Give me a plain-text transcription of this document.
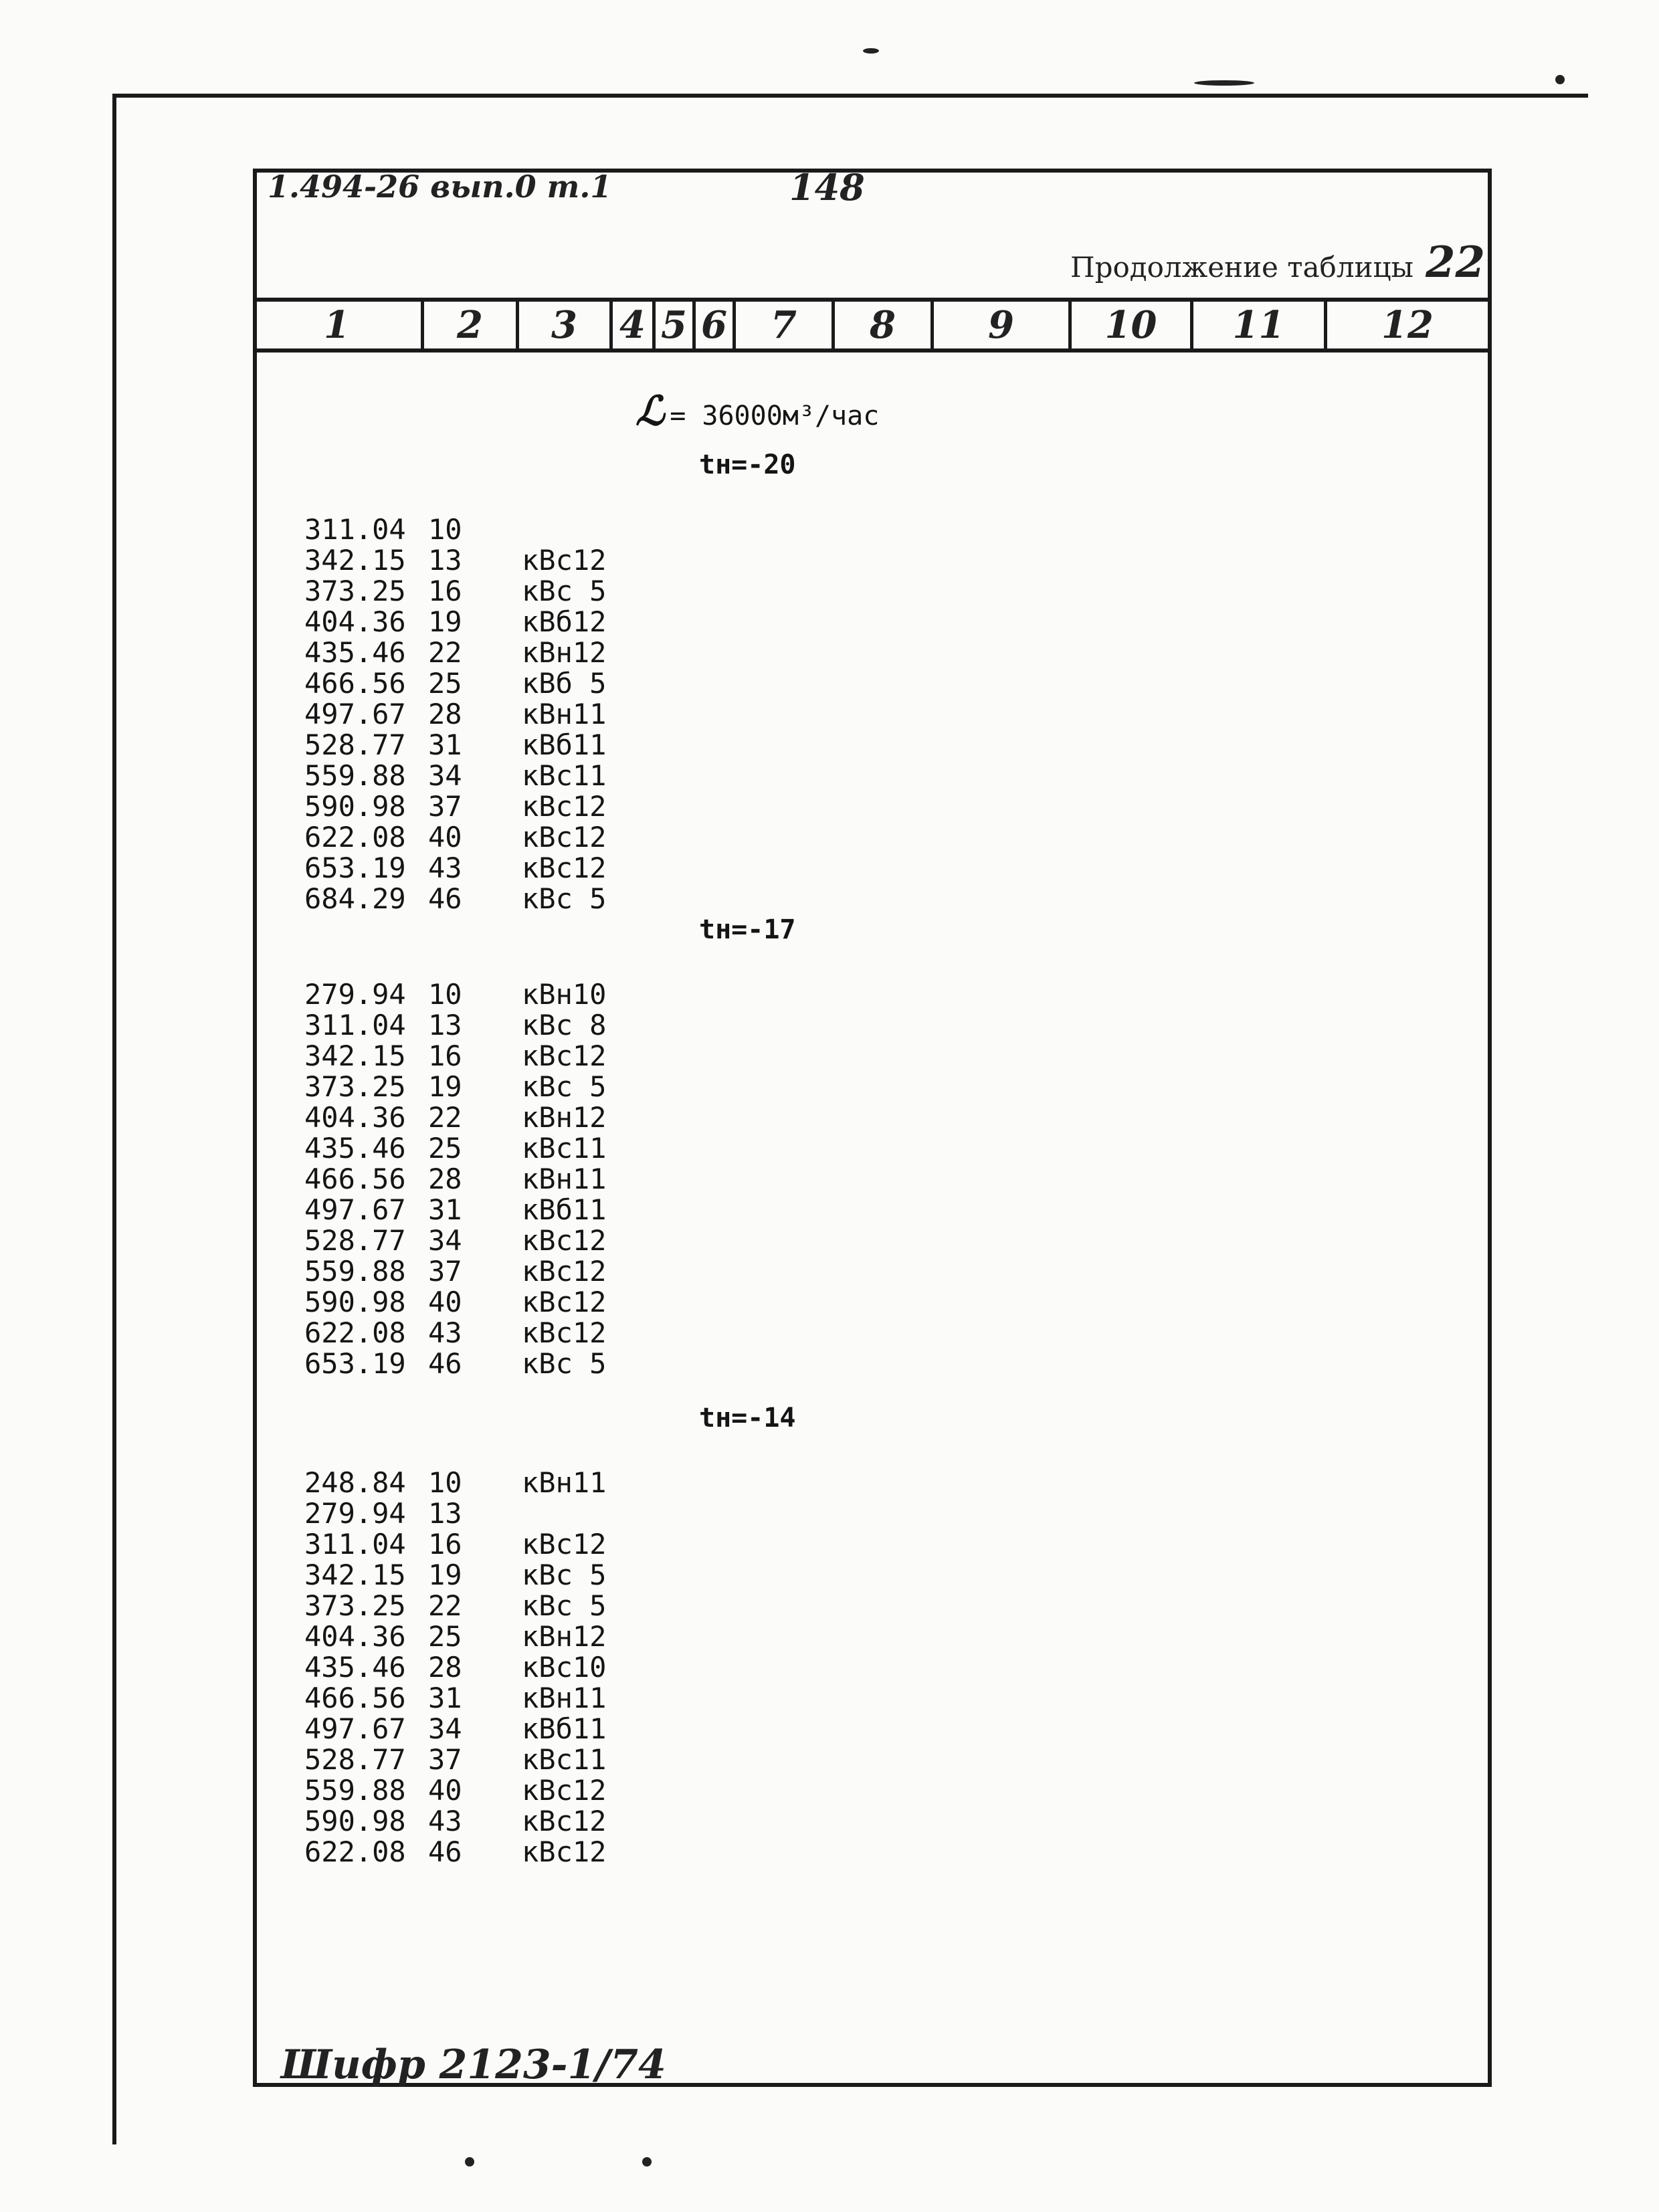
1.494-26 вып.0 т.1	148
Продолжение таблицы 22
1	2	3	4 5 6	7	8	9	10	11	12
ℒ = 36000м³/час
tн=-20
311.04 10
342.15 13 кВс12
373.25 16 кВс 5
404.36 19 кВб12
435.46 22 кВн12
466.56 25 кВб 5
497.67 28 кВн11
528.77 31 кВб11
559.88 34 кВс11
590.98 37 кВс12
622.08 40 кВс12
653.19 43 кВс12
684.29 46 кВс 5
tн=-17
279.94 10 кВн10
311.04 13 кВс 8
342.15 16 кВс12
373.25 19 кВс 5
404.36 22 кВн12
435.46 25 кВс11
466.56 28 кВн11
497.67 31 кВб11
528.77 34 кВс12
559.88 37 кВс12
590.98 40 кВс12
622.08 43 кВс12
653.19 46 кВс 5
tн=-14
248.84 10 кВн11
279.94 13
311.04 16 кВс12
342.15 19 кВс 5
373.25 22 кВс 5
404.36 25 кВн12
435.46 28 кВс10
466.56 31 кВн11
497.67 34 кВб11
528.77 37 кВс11
559.88 40 кВс12
590.98 43 кВс12
622.08 46 кВс12
Шифр 2123-1/74
